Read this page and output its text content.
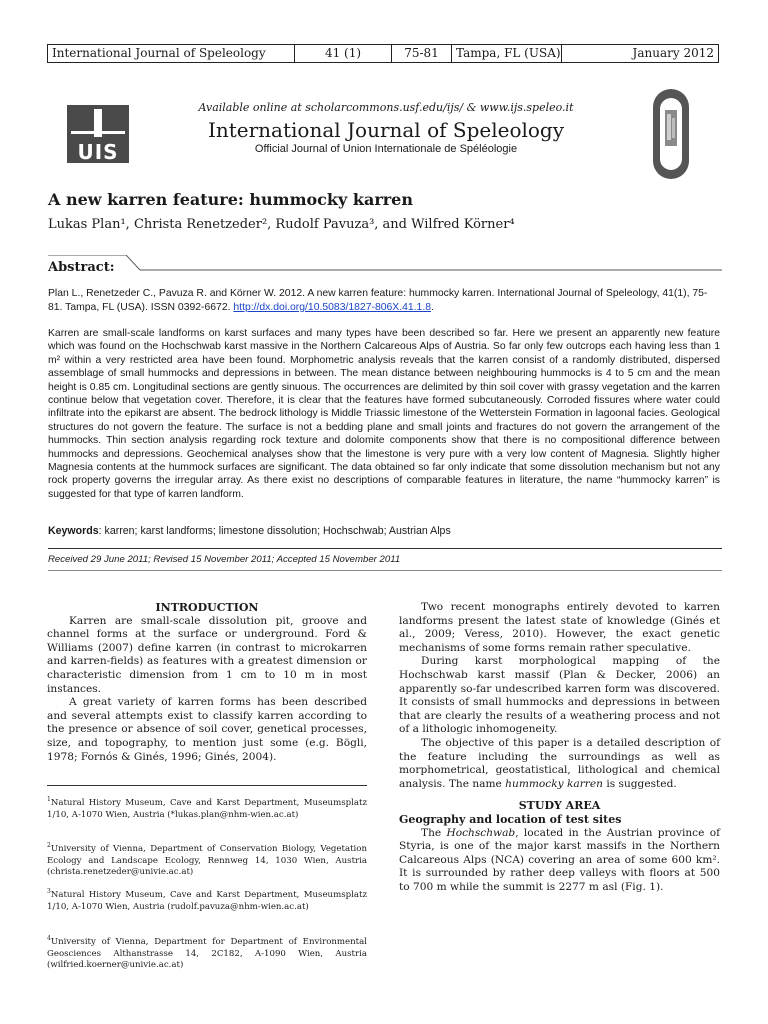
International Journal of Speleology	41 (1)	75-81	Tampa, FL (USA)	January 2012
UIS
Available online at scholarcommons.usf.edu/ijs/ & www.ijs.speleo.it
International Journal of Speleology
Official Journal of Union Internationale de Spéléologie
A new karren feature: hummocky karren
Lukas Plan¹, Christa Renetzeder², Rudolf Pavuza³, and Wilfred Körner⁴
Abstract:
Plan L., Renetzeder C., Pavuza R. and Körner W. 2012. A new karren feature: hummocky karren. International Journal of Speleology, 41(1), 75-81. Tampa, FL (USA). ISSN 0392-6672. http://dx.doi.org/10.5083/1827-806X.41.1.8.
Karren are small-scale landforms on karst surfaces and many types have been described so far. Here we present an apparently new feature which was found on the Hochschwab karst massive in the Northern Calcareous Alps of Austria. So far only few outcrops each having less than 1 m² within a very restricted area have been found. Morphometric analysis reveals that the karren consist of a randomly distributed, dispersed assemblage of small hummocks and depressions in between. The mean distance between neighbouring hummocks is 4 to 5 cm and the mean height is 0.85 cm. Longitudinal sections are gently sinuous. The occurrences are delimited by thin soil cover with grassy vegetation and the karren continue below that vegetation cover. Therefore, it is clear that the features have formed subcutaneously. Corroded fissures where water could infiltrate into the epikarst are absent. The bedrock lithology is Middle Triassic limestone of the Wetterstein Formation in lagoonal facies. Geological structures do not govern the feature. The surface is not a bedding plane and small joints and fractures do not govern the arrangement of the hummocks. Thin section analysis regarding rock texture and dolomite components show that there is no compositional difference between hummocks and depressions. Geochemical analyses show that the limestone is very pure with a very low content of Magnesia. Slightly higher Magnesia contents at the hummock surfaces are significant. The data obtained so far only indicate that some dissolution mechanism but not any rock property governs the irregular array. As there exist no descriptions of comparable features in literature, the name “hummocky karren” is suggested for that type of karren landform.
Keywords: karren; karst landforms; limestone dissolution; Hochschwab; Austrian Alps
Received 29 June 2011; Revised 15 November 2011; Accepted 15 November 2011

INTRODUCTION

Karren are small-scale dissolution pit, groove and channel forms at the surface or underground. Ford & Williams (2007) define karren (in contrast to microkarren and karren-fields) as features with a greatest dimension or characteristic dimension from 1 cm to 10 m in most instances.

A great variety of karren forms has been described and several attempts exist to classify karren according to the presence or absence of soil cover, genetical processes, size, and topography, to mention just some (e.g. Bögli, 1978; Fornós & Ginés, 1996; Ginés, 2004).

$^1$Natural History Museum, Cave and Karst Department, Museumsplatz 1/10, A-1070 Wien, Austria (*lukas.plan@nhm-wien.ac.at)
$^2$University of Vienna, Department of Conservation Biology, Vegetation Ecology and Landscape Ecology, Rennweg 14, 1030 Wien, Austria (christa.renetzeder@univie.ac.at)
$^3$Natural History Museum, Cave and Karst Department, Museumsplatz 1/10, A-1070 Wien, Austria (rudolf.pavuza@nhm-wien.ac.at)
$^4$University of Vienna, Department for Department of Environmental Geosciences Althanstrasse 14, 2C182, A-1090 Wien, Austria (wilfried.koerner@univie.ac.at)

Two recent monographs entirely devoted to karren landforms present the latest state of knowledge (Ginés et al., 2009; Veress, 2010). However, the exact genetic mechanisms of some forms remain rather speculative.

During karst morphological mapping of the Hochschwab karst massif (Plan & Decker, 2006) an apparently so-far undescribed karren form was discovered. It consists of small hummocks and depressions in between that are clearly the results of a weathering process and not of a lithologic inhomogeneity.

The objective of this paper is a detailed description of the feature including the surroundings as well as morphometrical, geostatistical, lithological and chemical analysis. The name hummocky karren is suggested.

STUDY AREA

Geography and location of test sites

The Hochschwab, located in the Austrian province of Styria, is one of the major karst massifs in the Northern Calcareous Alps (NCA) covering an area of some 600 km². It is surrounded by rather deep valleys with floors at 500 to 700 m while the summit is 2277 m asl (Fig. 1).
